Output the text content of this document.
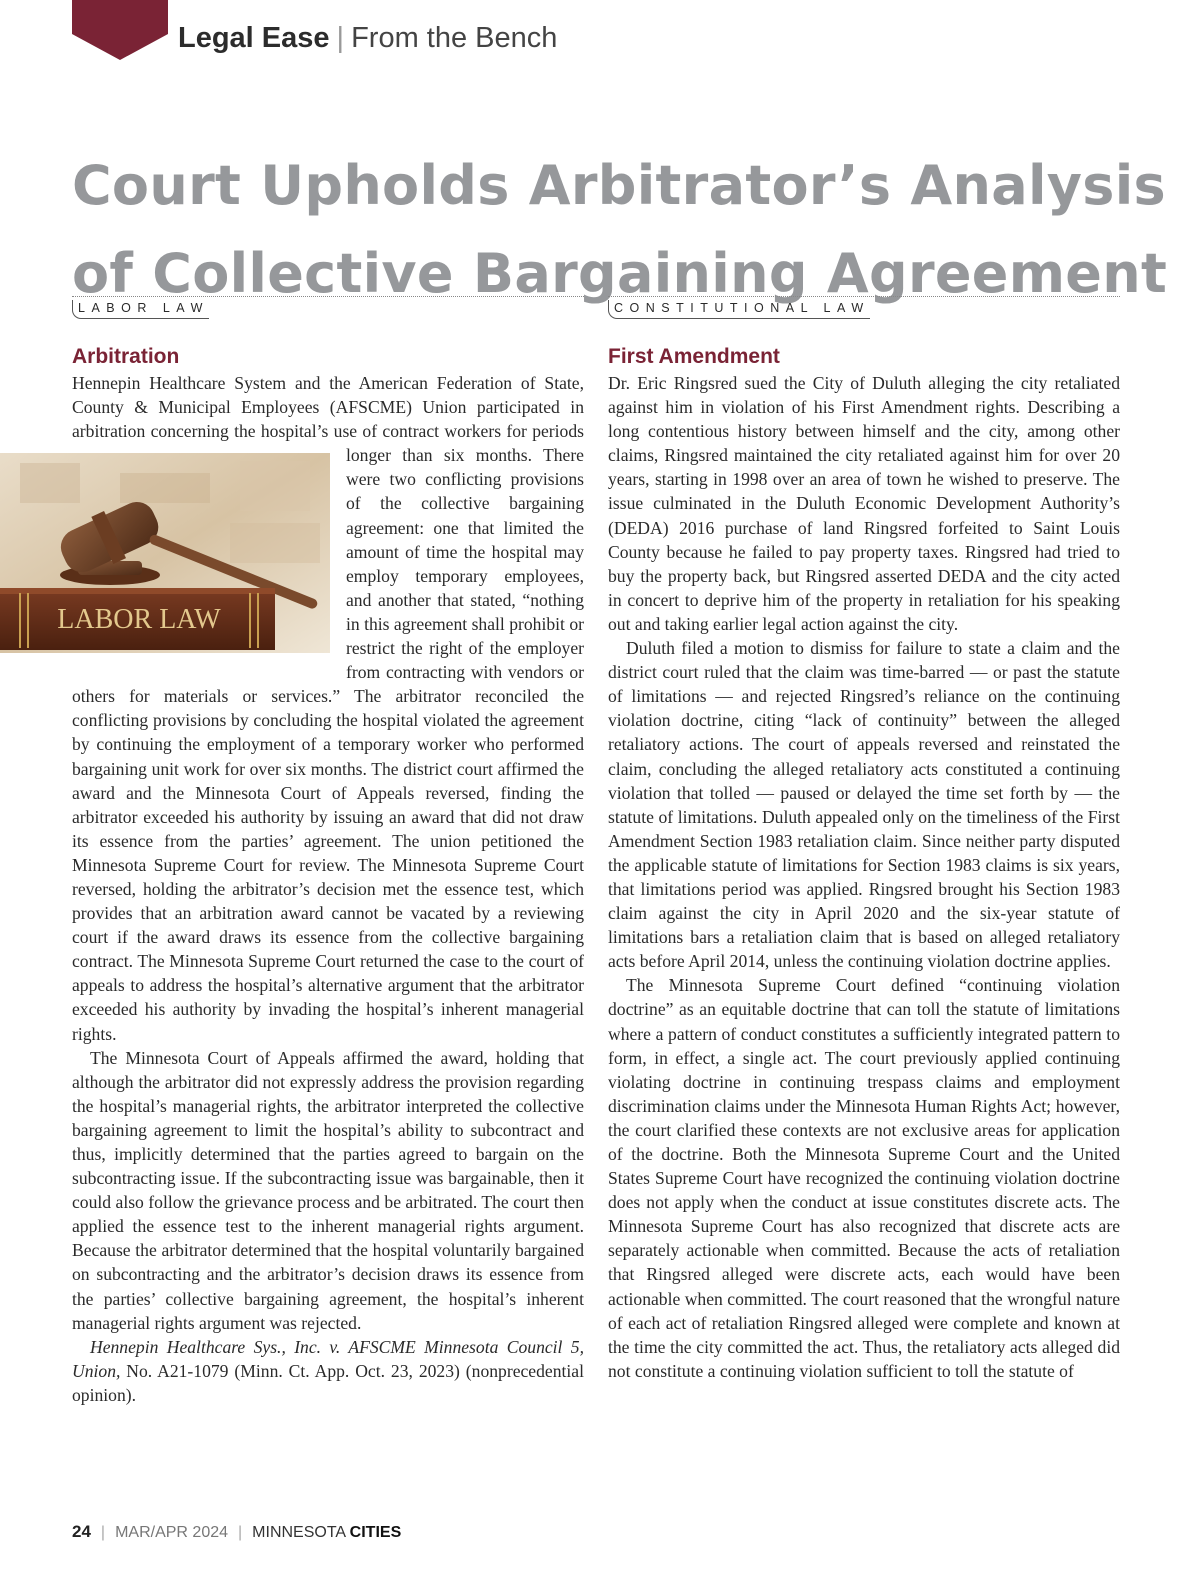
Legal Ease | From the Bench
Court Upholds Arbitrator’s Analysis
of Collective Bargaining Agreement
LABOR LAW
Arbitration

Hennepin Healthcare System and the American Federation of State, County & Municipal Employees (AFSCME) Union participated in arbitration concerning the hospital’s use of
LABOR LAW
contract workers for periods longer than six months. There were two conflicting provisions of the collective bargaining agreement: one that limited the amount of time the hospital may employ temporary employees, and another that stated, “nothing in this agreement shall prohibit or restrict the right of the employer from contracting with vendors or others for materials or services.” The arbitrator reconciled the conflicting provisions by concluding the hospital violated the agreement by continuing the employment of a temporary worker who performed bargaining unit work for over six months. The district court affirmed the award and the Minnesota Court of Appeals reversed, finding the arbitrator exceeded his authority by issuing an award that did not draw its essence from the parties’ agreement. The union petitioned the Minnesota Supreme Court for review. The Minnesota Supreme Court reversed, holding the arbitrator’s decision met the essence test, which provides that an arbitration award cannot be vacated by a reviewing court if the award draws its essence from the collective bargaining contract. The Minnesota Supreme Court returned the case to the court of appeals to address the hospital’s alternative argument that the arbitrator exceeded his authority by invading the hospital’s inherent managerial rights.

The Minnesota Court of Appeals affirmed the award, holding that although the arbitrator did not expressly address the provision regarding the hospital’s managerial rights, the arbitrator interpreted the collective bargaining agreement to limit the hospital’s ability to subcontract and thus, implicitly determined that the parties agreed to bargain on the subcontracting issue. If the subcontracting issue was bargainable, then it could also follow the grievance process and be arbitrated. The court then applied the essence test to the inherent managerial rights argument. Because the arbitrator determined that the hospital voluntarily bargained on subcontracting and the arbitrator’s decision draws its essence from the parties’ collective bargaining agreement, the hospital’s inherent managerial rights argument was rejected.

Hennepin Healthcare Sys., Inc. v. AFSCME Minnesota Council 5, Union, No. A21-1079 (Minn. Ct. App. Oct. 23, 2023) (nonprecedential opinion).

CONSTITUTIONAL LAW
First Amendment

Dr. Eric Ringsred sued the City of Duluth alleging the city retaliated against him in violation of his First Amendment rights. Describing a long contentious history between himself and the city, among other claims, Ringsred maintained the city retaliated against him for over 20 years, starting in 1998 over an area of town he wished to preserve. The issue culminated in the Duluth Economic Development Authority’s (DEDA) 2016 purchase of land Ringsred forfeited to Saint Louis County because he failed to pay property taxes. Ringsred had tried to buy the property back, but Ringsred asserted DEDA and the city acted in concert to deprive him of the property in retaliation for his speaking out and taking earlier legal action against the city.

Duluth filed a motion to dismiss for failure to state a claim and the district court ruled that the claim was time-barred — or past the statute of limitations — and rejected Ringsred’s reliance on the continuing violation doctrine, citing “lack of continuity” between the alleged retaliatory actions. The court of appeals reversed and reinstated the claim, concluding the alleged retaliatory acts constituted a continuing violation that tolled — paused or delayed the time set forth by — the statute of limitations. Duluth appealed only on the timeliness of the First Amendment Section 1983 retaliation claim. Since neither party disputed the applicable statute of limitations for Section 1983 claims is six years, that limitations period was applied. Ringsred brought his Section 1983 claim against the city in April 2020 and the six-year statute of limitations bars a retaliation claim that is based on alleged retaliatory acts before April 2014, unless the continuing violation doctrine applies.

The Minnesota Supreme Court defined “continuing violation doctrine” as an equitable doctrine that can toll the statute of limitations where a pattern of conduct constitutes a sufficiently integrated pattern to form, in effect, a single act. The court previously applied continuing violating doctrine in continuing trespass claims and employment discrimination claims under the Minnesota Human Rights Act; however, the court clarified these contexts are not exclusive areas for application of the doctrine. Both the Minnesota Supreme Court and the United States Supreme Court have recognized the continuing violation doctrine does not apply when the conduct at issue constitutes discrete acts. The Minnesota Supreme Court has also recognized that discrete acts are separately actionable when committed. Because the acts of retaliation that Ringsred alleged were discrete acts, each would have been actionable when committed. The court reasoned that the wrongful nature of each act of retaliation Ringsred alleged were complete and known at the time the city committed the act. Thus, the retaliatory acts alleged did not constitute a continuing violation sufficient to toll the statute of

24 | MAR/APR 2024 | MINNESOTA CITIES
